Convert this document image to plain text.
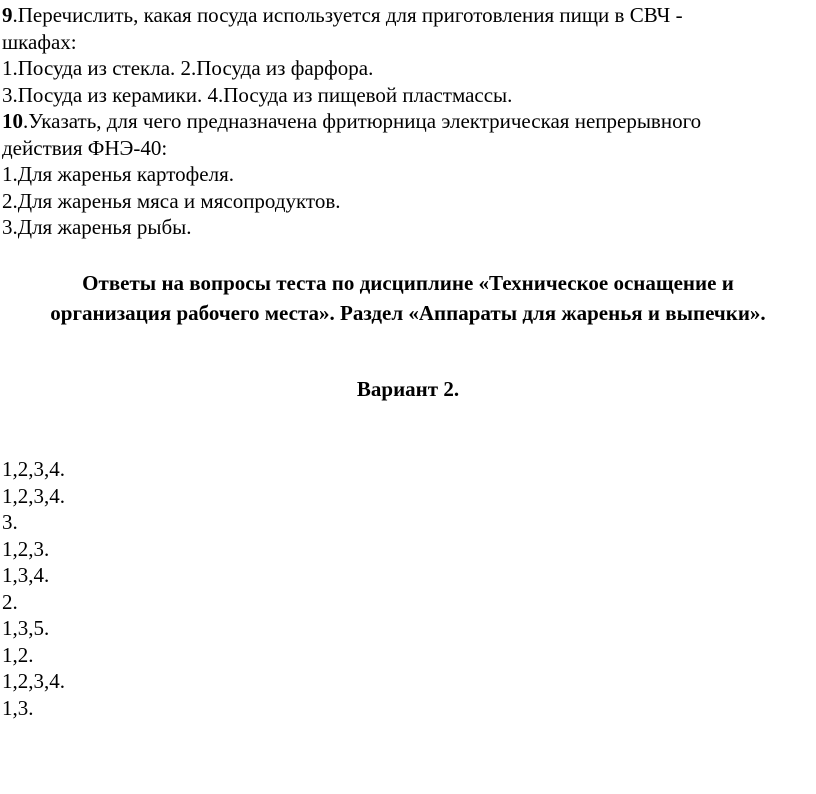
9.Перечислить, какая посуда используется для приготовления пищи в СВЧ -
шкафах:
1.Посуда из стекла. 2.Посуда из фарфора.
3.Посуда из керамики. 4.Посуда из пищевой пластмассы.
10.Указать, для чего предназначена фритюрница электрическая непрерывного
действия ФНЭ-40:
1.Для жаренья картофеля.
2.Для жаренья мяса и мясопродуктов.
3.Для жаренья рыбы.
Ответы на вопросы теста по дисциплине «Техническое оснащение и
организация рабочего места». Раздел «Аппараты для жаренья и выпечки».
Вариант 2.
1,2,3,4.
1,2,3,4.
3.
1,2,3.
1,3,4.
2.
1,3,5.
1,2.
1,2,3,4.
1,3.
